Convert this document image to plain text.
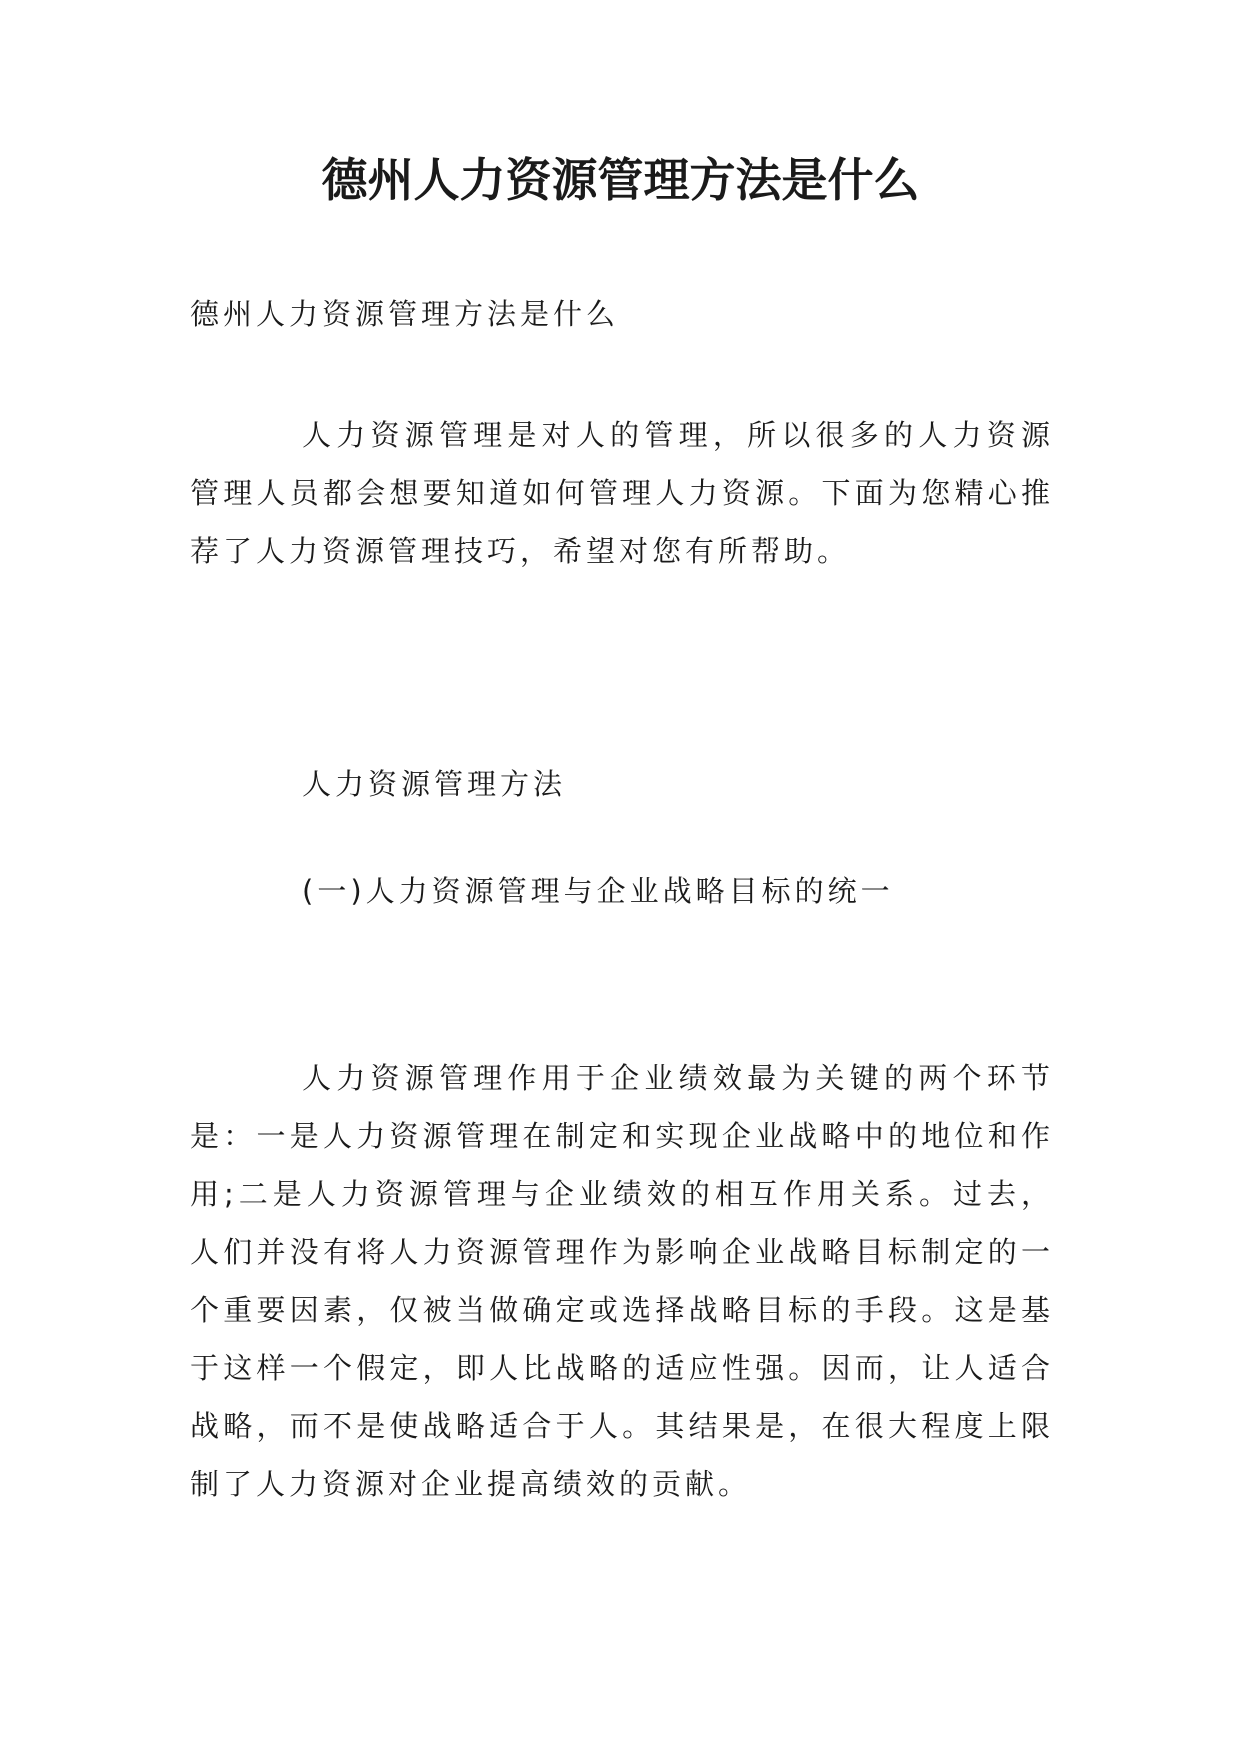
德州人力资源管理方法是什么

德州人力资源管理方法是什么

人力资源管理是对人的管理，所以很多的人力资源管理人员都会想要知道如何管理人力资源。下面为您精心推荐了人力资源管理技巧，希望对您有所帮助。

人力资源管理方法

(一)人力资源管理与企业战略目标的统一

人力资源管理作用于企业绩效最为关键的两个环节是：一是人力资源管理在制定和实现企业战略中的地位和作用;二是人力资源管理与企业绩效的相互作用关系。过去，人们并没有将人力资源管理作为影响企业战略目标制定的一个重要因素，仅被当做确定或选择战略目标的手段。这是基于这样一个假定，即人比战略的适应性强。因而，让人适合战略，而不是使战略适合于人。其结果是，在很大程度上限制了人力资源对企业提高绩效的贡献。
